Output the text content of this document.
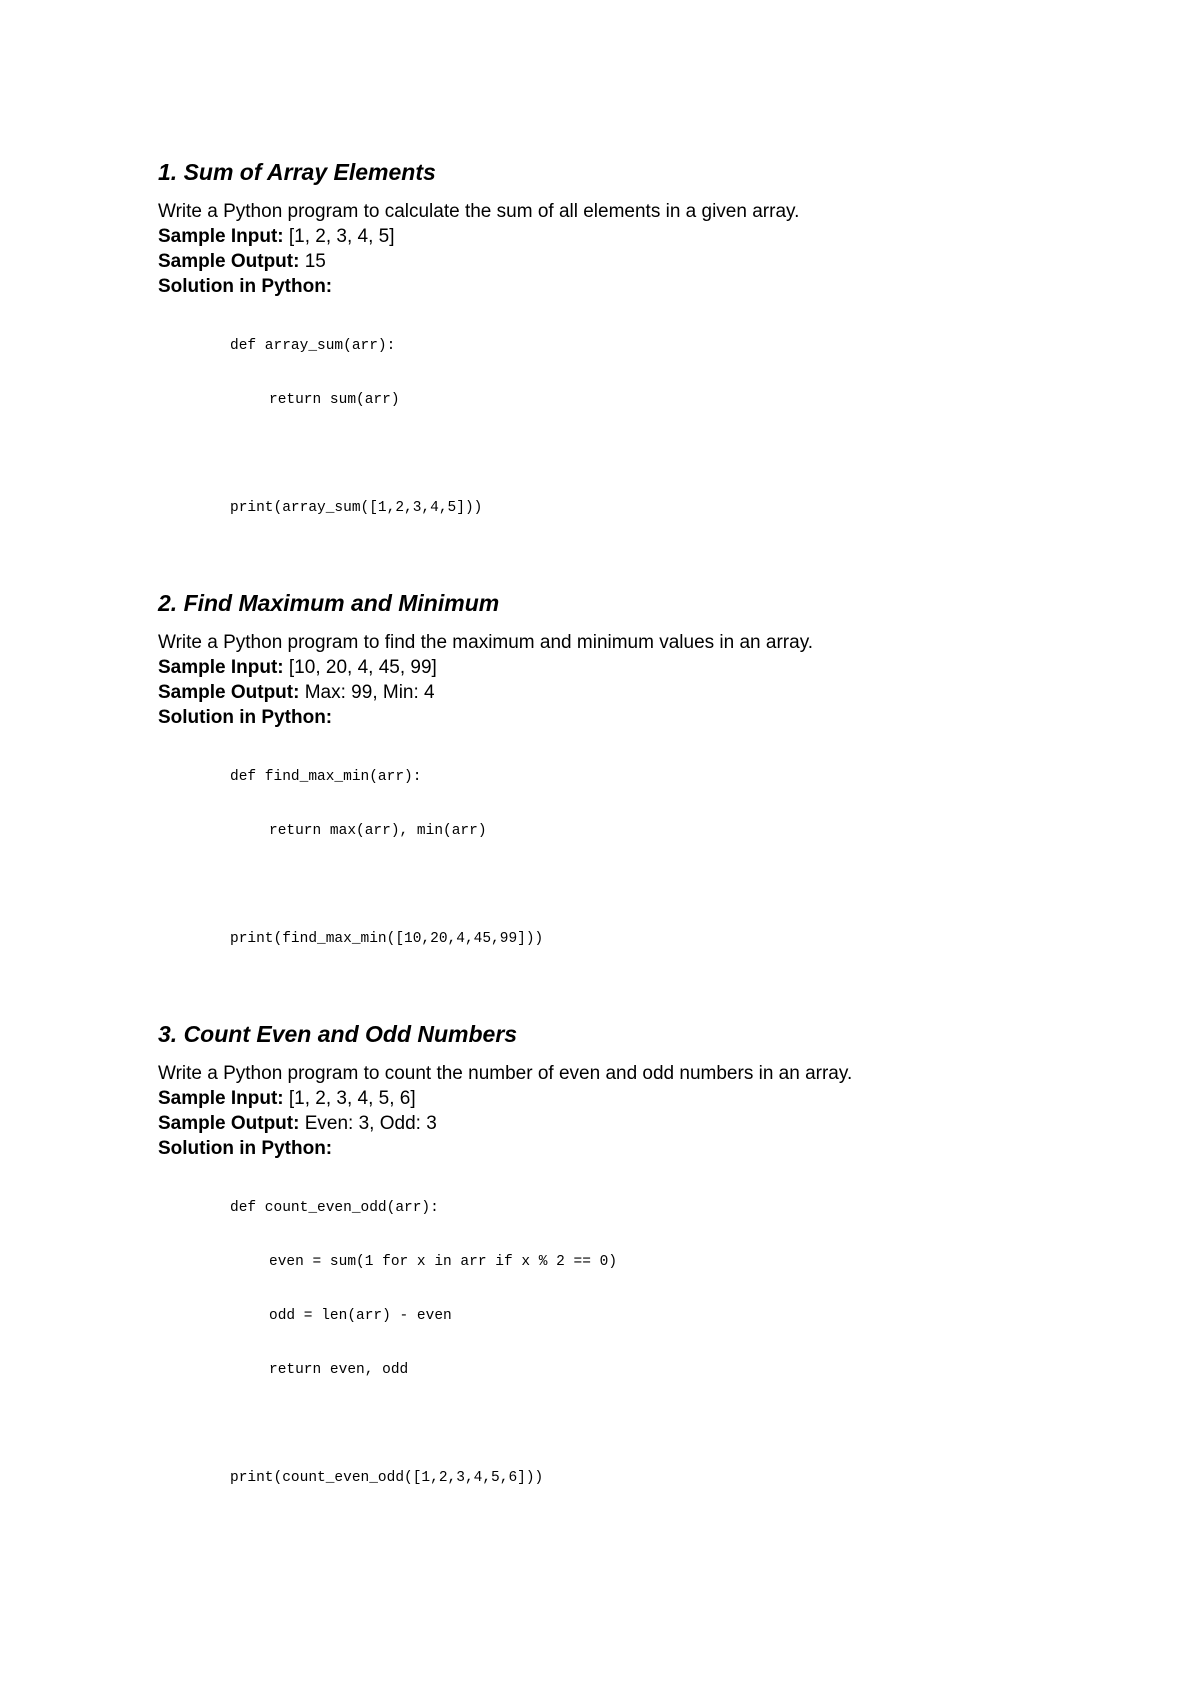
1. Sum of Array Elements

Write a Python program to calculate the sum of all elements in a given array.

Sample Input: [1, 2, 3, 4, 5]

Sample Output: 15

Solution in Python:

def array_sum(arr):

return sum(arr)

print(array_sum([1,2,3,4,5]))

2. Find Maximum and Minimum

Write a Python program to find the maximum and minimum values in an array.

Sample Input: [10, 20, 4, 45, 99]

Sample Output: Max: 99, Min: 4

Solution in Python:

def find_max_min(arr):

return max(arr), min(arr)

print(find_max_min([10,20,4,45,99]))

3. Count Even and Odd Numbers

Write a Python program to count the number of even and odd numbers in an array.

Sample Input: [1, 2, 3, 4, 5, 6]

Sample Output: Even: 3, Odd: 3

Solution in Python:

def count_even_odd(arr):

even = sum(1 for x in arr if x % 2 == 0)

odd = len(arr) - even

return even, odd

print(count_even_odd([1,2,3,4,5,6]))
